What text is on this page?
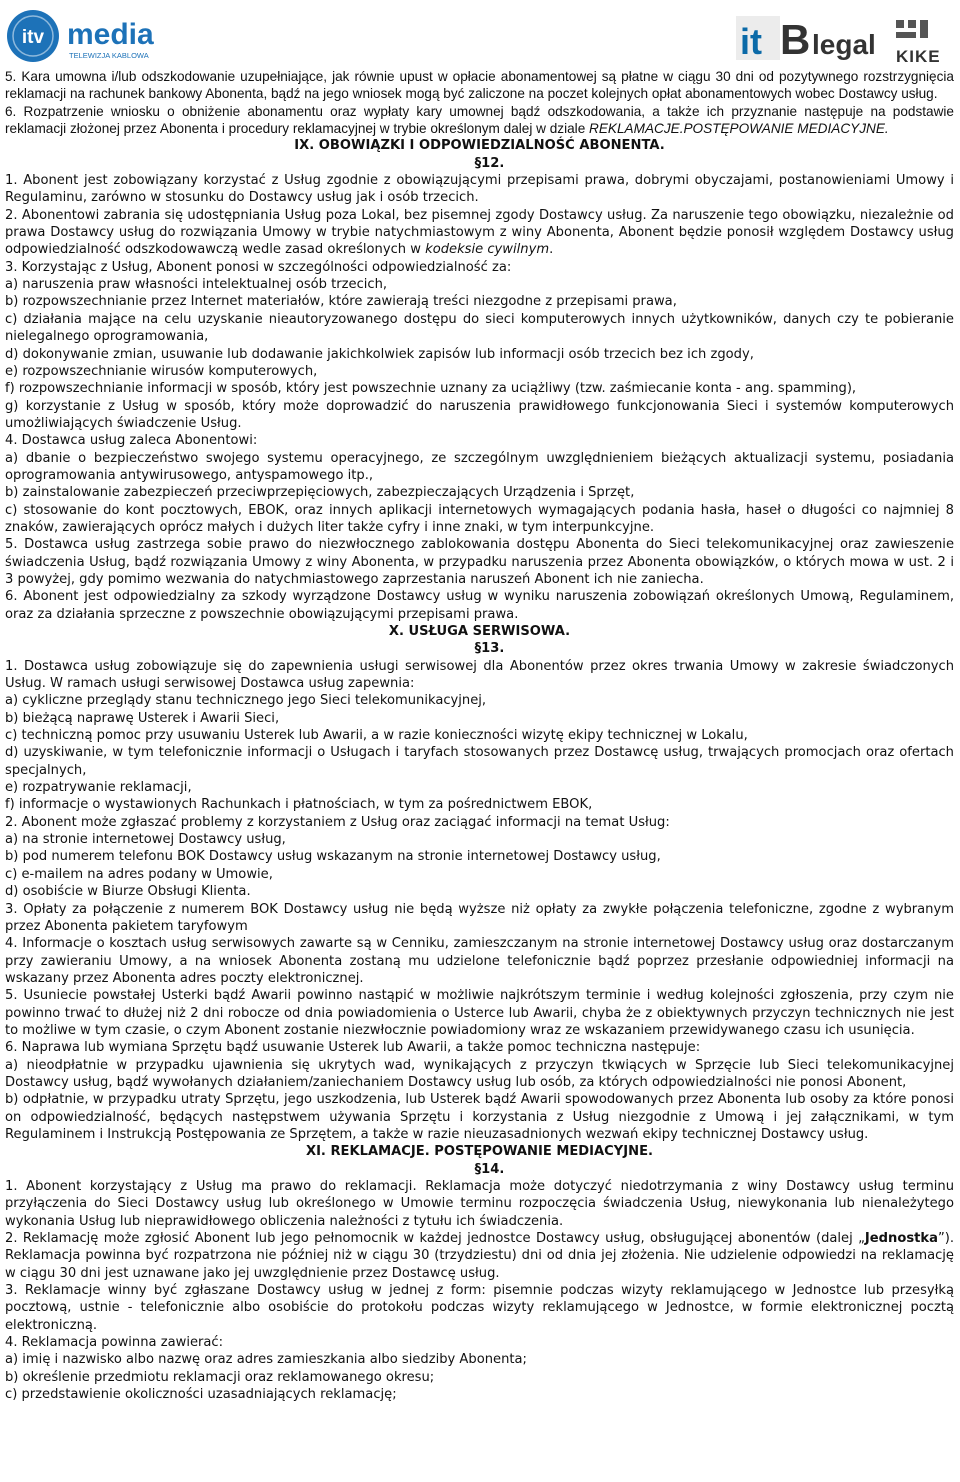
itv media
TELEWIZJA KABLOWA	it B legal KIKE

5. Kara umowna i/lub odszkodowanie uzupełniające, jak równie upust w opłacie abonamentowej są płatne w ciągu 30 dni od pozytywnego rozstrzygnięcia reklamacji na rachunek bankowy Abonenta, bądź na jego wniosek mogą być zaliczone na poczet kolejnych opłat abonamentowych wobec Dostawcy usług.

6. Rozpatrzenie wniosku o obniżenie abonamentu oraz wypłaty kary umownej bądź odszkodowania, a także ich przyznanie następuje na podstawie reklamacji złożonej przez Abonenta i procedury reklamacyjnej w trybie określonym dalej w dziale REKLAMACJE.POSTĘPOWANIE MEDIACYJNE.

IX. OBOWIĄZKI I ODPOWIEDZIALNOŚĆ ABONENTA.

§12.

1. Abonent jest zobowiązany korzystać z Usług zgodnie z obowiązującymi przepisami prawa, dobrymi obyczajami, postanowieniami Umowy i Regulaminu, zarówno w stosunku do Dostawcy usług jak i osób trzecich.

2. Abonentowi zabrania się udostępniania Usług poza Lokal, bez pisemnej zgody Dostawcy usług. Za naruszenie tego obowiązku, niezależnie od prawa Dostawcy usług do rozwiązania Umowy w trybie natychmiastowym z winy Abonenta, Abonent będzie ponosił względem Dostawcy usług odpowiedzialność odszkodowawczą wedle zasad określonych w kodeksie cywilnym.

3. Korzystając z Usług, Abonent ponosi w szczególności odpowiedzialność za:

a) naruszenia praw własności intelektualnej osób trzecich,

b) rozpowszechnianie przez Internet materiałów, które zawierają treści niezgodne z przepisami prawa,

c) działania mające na celu uzyskanie nieautoryzowanego dostępu do sieci komputerowych innych użytkowników, danych czy te pobieranie nielegalnego oprogramowania,

d) dokonywanie zmian, usuwanie lub dodawanie jakichkolwiek zapisów lub informacji osób trzecich bez ich zgody,

e) rozpowszechnianie wirusów komputerowych,

f) rozpowszechnianie informacji w sposób, który jest powszechnie uznany za uciążliwy (tzw. zaśmiecanie konta - ang. spamming),

g) korzystanie z Usług w sposób, który może doprowadzić do naruszenia prawidłowego funkcjonowania Sieci i systemów komputerowych umożliwiających świadczenie Usług.

4. Dostawca usług zaleca Abonentowi:

a) dbanie o bezpieczeństwo swojego systemu operacyjnego, ze szczególnym uwzględnieniem bieżących aktualizacji systemu, posiadania oprogramowania antywirusowego, antyspamowego itp.,

b) zainstalowanie zabezpieczeń przeciwprzepięciowych, zabezpieczających Urządzenia i Sprzęt,

c) stosowanie do kont pocztowych, EBOK, oraz innych aplikacji internetowych wymagających podania hasła, haseł o długości co najmniej 8 znaków, zawierających oprócz małych i dużych liter także cyfry i inne znaki, w tym interpunkcyjne.

5. Dostawca usług zastrzega sobie prawo do niezwłocznego zablokowania dostępu Abonenta do Sieci telekomunikacyjnej oraz zawieszenie świadczenia Usług, bądź rozwiązania Umowy z winy Abonenta, w przypadku naruszenia przez Abonenta obowiązków, o których mowa w ust. 2 i 3 powyżej, gdy pomimo wezwania do natychmiastowego zaprzestania naruszeń Abonent ich nie zaniecha.

6. Abonent jest odpowiedzialny za szkody wyrządzone Dostawcy usług w wyniku naruszenia zobowiązań określonych Umową, Regulaminem, oraz za działania sprzeczne z powszechnie obowiązującymi przepisami prawa.

X. USŁUGA SERWISOWA.

§13.

1. Dostawca usług zobowiązuje się do zapewnienia usługi serwisowej dla Abonentów przez okres trwania Umowy w zakresie świadczonych Usług. W ramach usługi serwisowej Dostawca usług zapewnia:

a) cykliczne przeglądy stanu technicznego jego Sieci telekomunikacyjnej,

b) bieżącą naprawę Usterek i Awarii Sieci,

c) techniczną pomoc przy usuwaniu Usterek lub Awarii, a w razie konieczności wizytę ekipy technicznej w Lokalu,

d) uzyskiwanie, w tym telefonicznie informacji o Usługach i taryfach stosowanych przez Dostawcę usług, trwających promocjach oraz ofertach specjalnych,

e) rozpatrywanie reklamacji,

f) informacje o wystawionych Rachunkach i płatnościach, w tym za pośrednictwem EBOK,

2. Abonent może zgłaszać problemy z korzystaniem z Usług oraz zaciągać informacji na temat Usług:

a) na stronie internetowej Dostawcy usług,

b) pod numerem telefonu BOK Dostawcy usług wskazanym na stronie internetowej Dostawcy usług,

c) e-mailem na adres podany w Umowie,

d) osobiście w Biurze Obsługi Klienta.

3. Opłaty za połączenie z numerem BOK Dostawcy usług nie będą wyższe niż opłaty za zwykłe połączenia telefoniczne, zgodne z wybranym przez Abonenta pakietem taryfowym

4. Informacje o kosztach usług serwisowych zawarte są w Cenniku, zamieszczanym na stronie internetowej Dostawcy usług oraz dostarczanym przy zawieraniu Umowy, a na wniosek Abonenta zostaną mu udzielone telefonicznie bądź poprzez przesłanie odpowiedniej informacji na wskazany przez Abonenta adres poczty elektronicznej.

5. Usuniecie powstałej Usterki bądź Awarii powinno nastąpić w możliwie najkrótszym terminie i według kolejności zgłoszenia, przy czym nie powinno trwać to dłużej niż 2 dni robocze od dnia powiadomienia o Usterce lub Awarii, chyba że z obiektywnych przyczyn technicznych nie jest to możliwe w tym czasie, o czym Abonent zostanie niezwłocznie powiadomiony wraz ze wskazaniem przewidywanego czasu ich usunięcia.

6. Naprawa lub wymiana Sprzętu bądź usuwanie Usterek lub Awarii, a także pomoc techniczna następuje:

a) nieodpłatnie w przypadku ujawnienia się ukrytych wad, wynikających z przyczyn tkwiących w Sprzęcie lub Sieci telekomunikacyjnej Dostawcy usług, bądź wywołanych działaniem/zaniechaniem Dostawcy usług lub osób, za których odpowiedzialności nie ponosi Abonent,

b) odpłatnie, w przypadku utraty Sprzętu, jego uszkodzenia, lub Usterek bądź Awarii spowodowanych przez Abonenta lub osoby za które ponosi on odpowiedzialność, będących następstwem używania Sprzętu i korzystania z Usług niezgodnie z Umową i jej załącznikami, w tym Regulaminem i Instrukcją Postępowania ze Sprzętem, a także w razie nieuzasadnionych wezwań ekipy technicznej Dostawcy usług.

XI. REKLAMACJE. POSTĘPOWANIE MEDIACYJNE.

§14.

1. Abonent korzystający z Usług ma prawo do reklamacji. Reklamacja może dotyczyć niedotrzymania z winy Dostawcy usług terminu przyłączenia do Sieci Dostawcy usług lub określonego w Umowie terminu rozpoczęcia świadczenia Usług, niewykonania lub nienależytego wykonania Usług lub nieprawidłowego obliczenia należności z tytułu ich świadczenia.

2. Reklamację może zgłosić Abonent lub jego pełnomocnik w każdej jednostce Dostawcy usług, obsługującej abonentów (dalej „Jednostka”). Reklamacja powinna być rozpatrzona nie później niż w ciągu 30 (trzydziestu) dni od dnia jej złożenia. Nie udzielenie odpowiedzi na reklamację w ciągu 30 dni jest uznawane jako jej uwzględnienie przez Dostawcę usług.

3. Reklamacje winny być zgłaszane Dostawcy usług w jednej z form: pisemnie podczas wizyty reklamującego w Jednostce lub przesyłką pocztową, ustnie - telefonicznie albo osobiście do protokołu podczas wizyty reklamującego w Jednostce, w formie elektronicznej pocztą elektroniczną.

4. Reklamacja powinna zawierać:

a) imię i nazwisko albo nazwę oraz adres zamieszkania albo siedziby Abonenta;

b) określenie przedmiotu reklamacji oraz reklamowanego okresu;

c) przedstawienie okoliczności uzasadniających reklamację;
